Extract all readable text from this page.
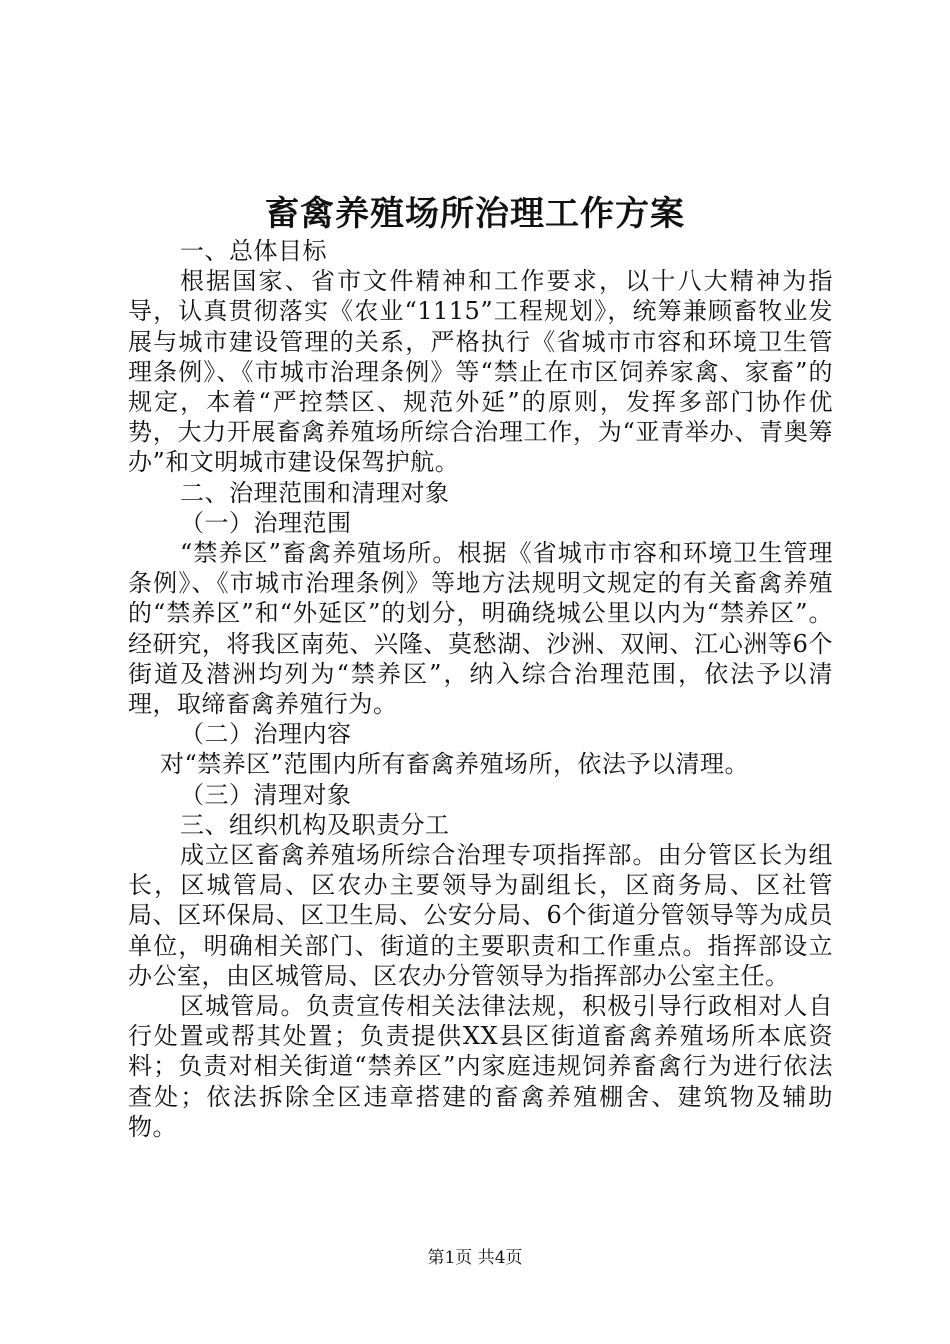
畜禽养殖场所治理工作方案

一、总体目标

根据国家、省市文件精神和工作要求，以十八大精神为指导，认真贯彻落实《农业“1115”工程规划》，统筹兼顾畜牧业发展与城市建设管理的关系，严格执行《省城市市容和环境卫生管理条例》、《市城市治理条例》等“禁止在市区饲养家禽、家畜”的规定，本着“严控禁区、规范外延”的原则，发挥多部门协作优势，大力开展畜禽养殖场所综合治理工作，为“亚青举办、青奥筹办”和文明城市建设保驾护航。

二、治理范围和清理对象

（一）治理范围

“禁养区”畜禽养殖场所。根据《省城市市容和环境卫生管理条例》、《市城市治理条例》等地方法规明文规定的有关畜禽养殖的“禁养区”和“外延区”的划分，明确绕城公里以内为“禁养区”。经研究，将我区南苑、兴隆、莫愁湖、沙洲、双闸、江心洲等6个街道及潜洲均列为“禁养区”，纳入综合治理范围，依法予以清理，取缔畜禽养殖行为。

（二）治理内容

对“禁养区”范围内所有畜禽养殖场所，依法予以清理。

（三）清理对象

三、组织机构及职责分工

成立区畜禽养殖场所综合治理专项指挥部。由分管区长为组长，区城管局、区农办主要领导为副组长，区商务局、区社管局、区环保局、区卫生局、公安分局、6个街道分管领导等为成员单位，明确相关部门、街道的主要职责和工作重点。指挥部设立办公室，由区城管局、区农办分管领导为指挥部办公室主任。

区城管局。负责宣传相关法律法规，积极引导行政相对人自行处置或帮其处置；负责提供XX县区街道畜禽养殖场所本底资料；负责对相关街道“禁养区”内家庭违规饲养畜禽行为进行依法查处；依法拆除全区违章搭建的畜禽养殖棚舍、建筑物及辅助物。

第1页 共4页
